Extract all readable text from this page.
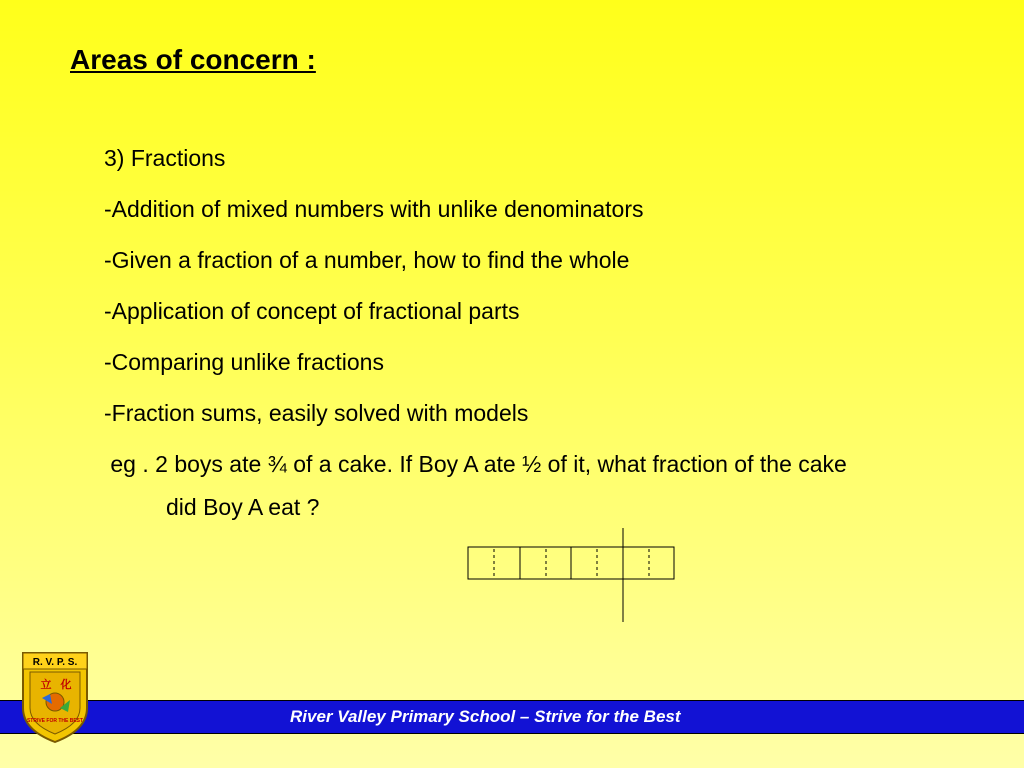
Areas of concern :

3) Fractions

-Addition of mixed numbers with unlike denominators

-Given a fraction of a number, how to find the whole

-Application of concept of fractional parts

-Comparing unlike fractions

-Fraction sums, easily solved with models

eg . 2 boys ate ¾ of a cake. If Boy A ate ½ of it, what fraction of the cake

did Boy A eat ?

River Valley Primary School – Strive for the Best
R. V. P. S.
立 化
STRIVE FOR THE BEST
